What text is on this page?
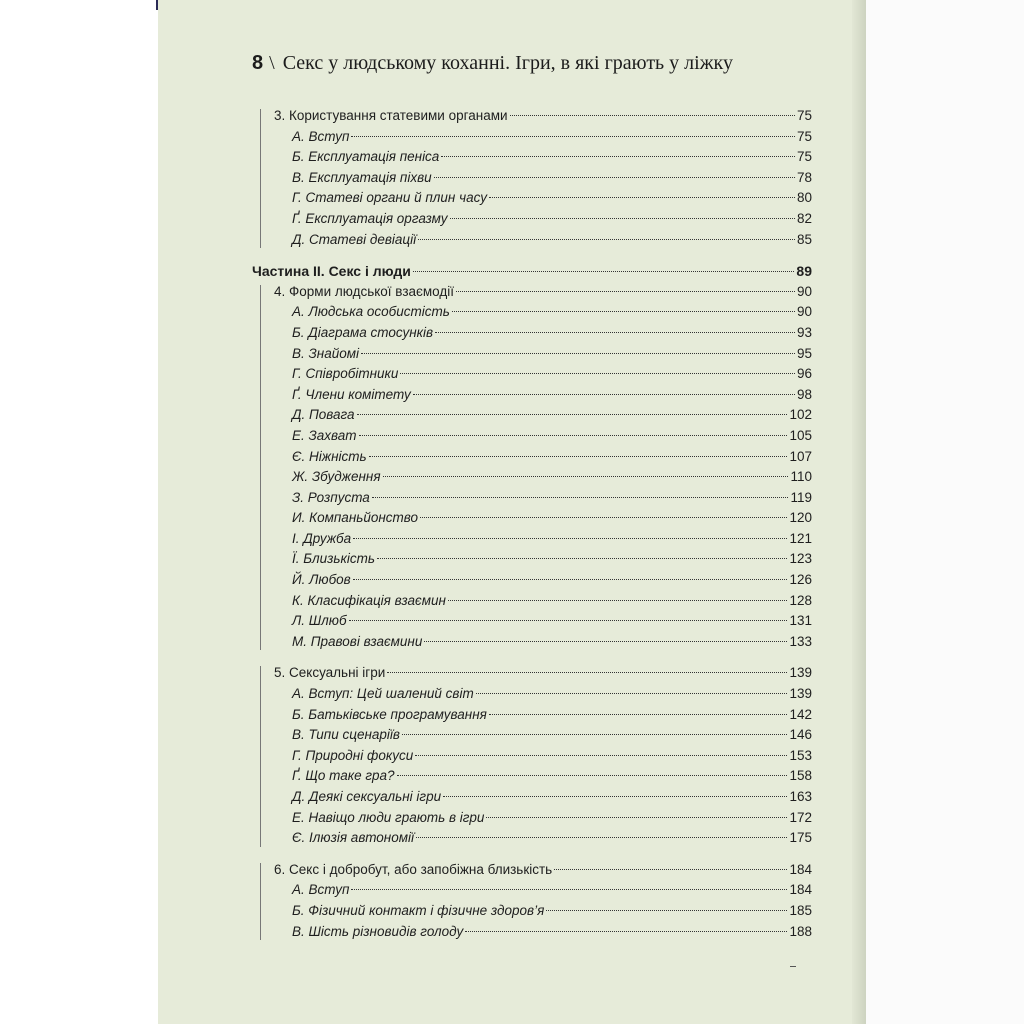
8 \ Секс у людському коханні. Ігри, в які грають у ліжку
3. Користування статевими органами	75
А. Вступ	75
Б. Експлуатація пеніса	75
В. Експлуатація піхви	78
Г. Статеві органи й плин часу	80
Ґ. Експлуатація оргазму	82
Д. Статеві девіації	85
Частина II. Секс і люди	89
4. Форми людської взаємодії	90
А. Людська особистість	90
Б. Діаграма стосунків	93
В. Знайомі	95
Г. Співробітники	96
Ґ. Члени комітету	98
Д. Повага	102
Е. Захват	105
Є. Ніжність	107
Ж. Збудження	110
З. Розпуста	119
И. Компаньйонство	120
І. Дружба	121
Ї. Близькість	123
Й. Любов	126
К. Класифікація взаємин	128
Л. Шлюб	131
М. Правові взаємини	133
5. Сексуальні ігри	139
А. Вступ: Цей шалений світ	139
Б. Батьківське програмування	142
В. Типи сценаріїв	146
Г. Природні фокуси	153
Ґ. Що таке гра?	158
Д. Деякі сексуальні ігри	163
Е. Навіщо люди грають в ігри	172
Є. Ілюзія автономії	175
6. Секс і добробут, або запобіжна близькість	184
А. Вступ	184
Б. Фізичний контакт і фізичне здоров’я	185
В. Шість різновидів голоду	188
